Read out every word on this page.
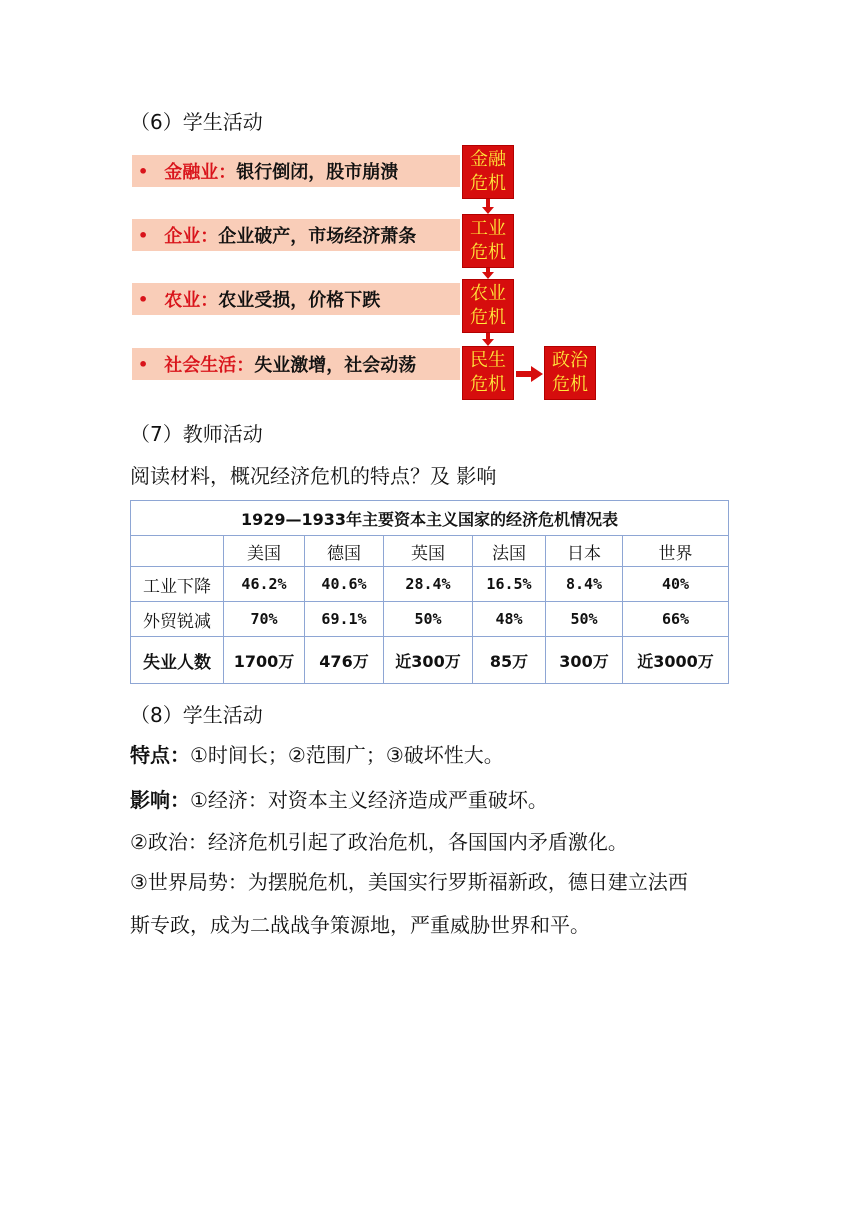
（6）学生活动
• 金融业： 银行倒闭，股市崩溃
• 企业： 企业破产，市场经济萧条
• 农业： 农业受损，价格下跌
• 社会生活： 失业激增，社会动荡
金融
危机
工业
危机
农业
危机
民生
危机
政治
危机
（7）教师活动
阅读材料，概况经济危机的特点？及 影响
1929—1933年主要资本主义国家的经济危机情况表						
	美国	德国	英国	法国	日本	世界
工业下降	46.2%	40.6%	28.4%	16.5%	8.4%	40%
外贸锐减	70%	69.1%	50%	48%	50%	66%
失业人数	1700万	476万	近300万	85万	300万	近3000万
（8）学生活动
特点：①时间长；②范围广；③破坏性大。
影响：①经济：对资本主义经济造成严重破坏。
②政治：经济危机引起了政治危机，各国国内矛盾激化。
③世界局势：为摆脱危机，美国实行罗斯福新政，德日建立法西
斯专政，成为二战战争策源地，严重威胁世界和平。
